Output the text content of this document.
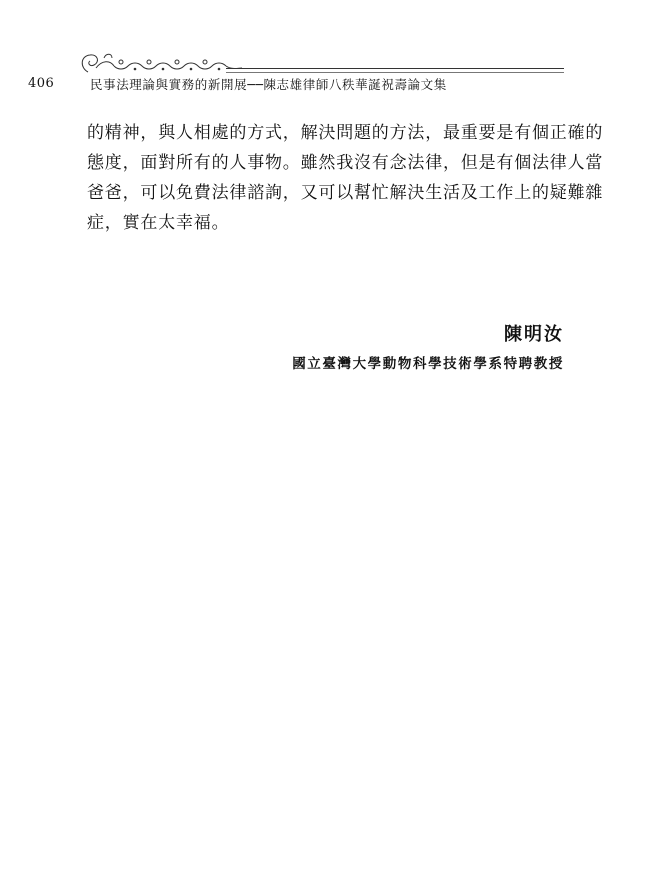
406	民事法理論與實務的新開展──陳志雄律師八秩華誕祝壽論文集

的精神，與人相處的方式，解決問題的方法，最重要是有個正確的

態度，面對所有的人事物。雖然我沒有念法律，但是有個法律人當

爸爸，可以免費法律諮詢，又可以幫忙解決生活及工作上的疑難雜

症，實在太幸福。

陳明汝
國立臺灣大學動物科學技術學系特聘教授
